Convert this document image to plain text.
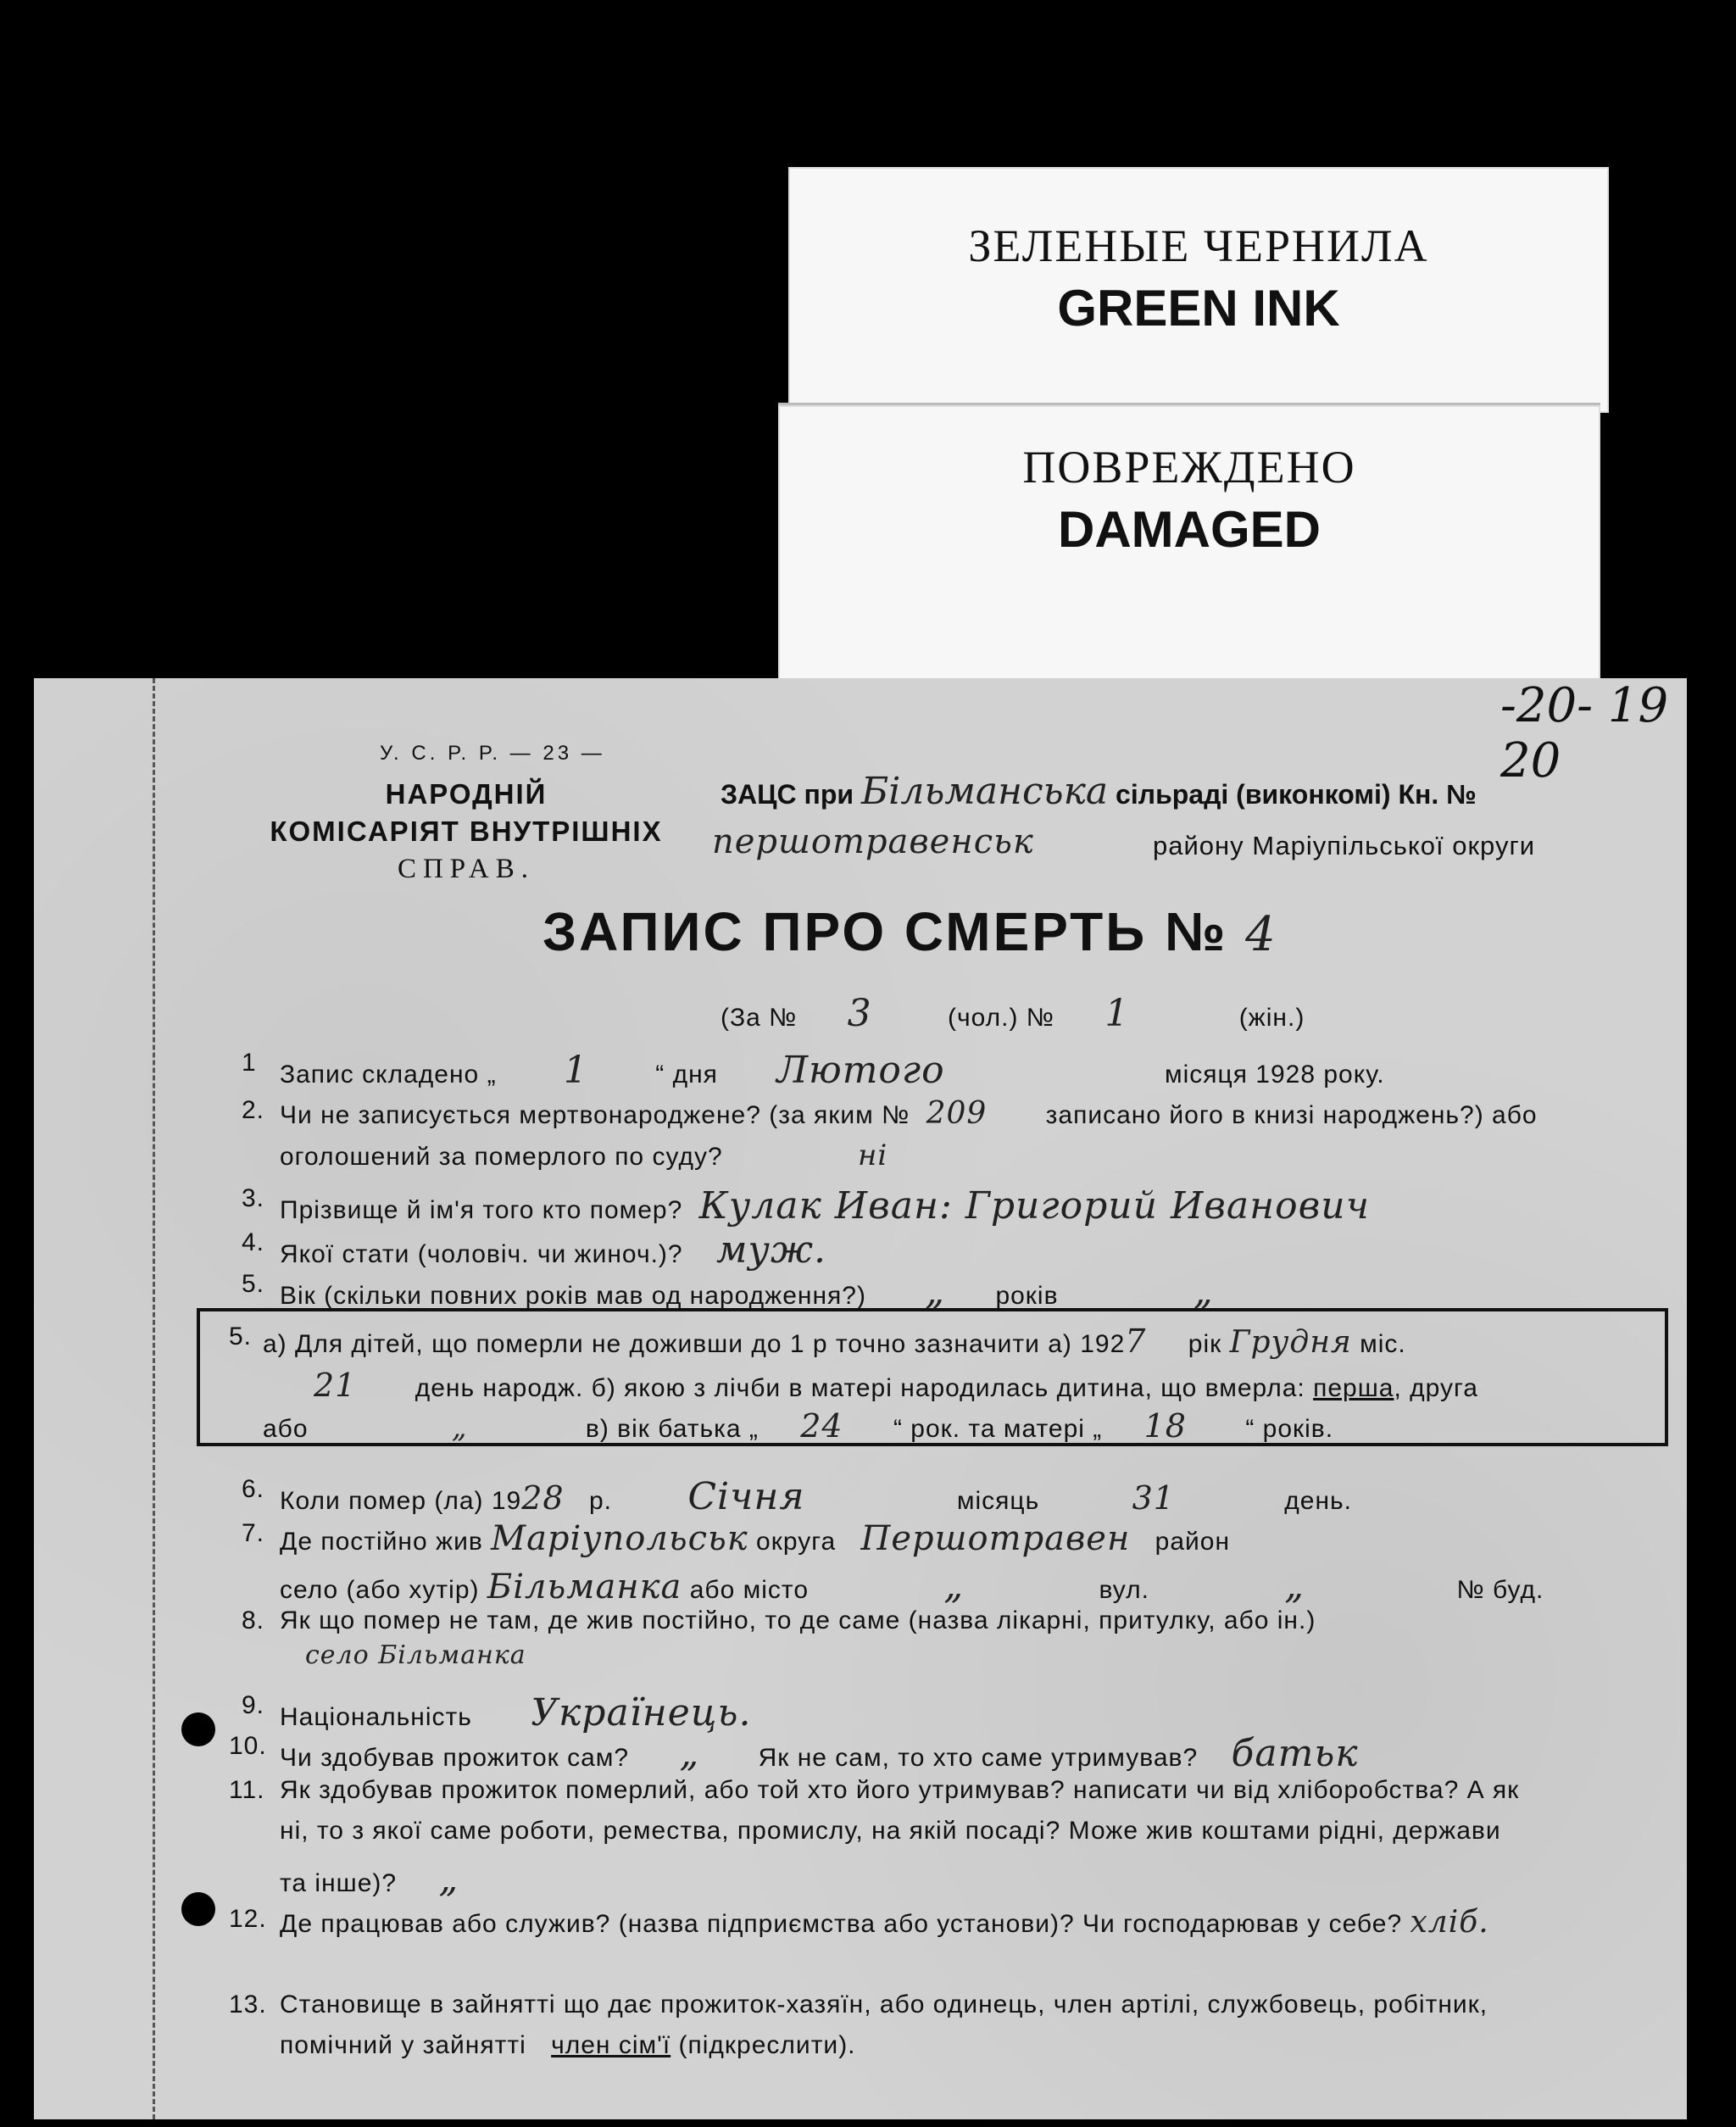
ЗЕЛЕНЫЕ ЧЕРНИЛА
GREEN INK
ПОВРЕЖДЕНО
DAMAGED
-20- 19 20
У. С. Р. Р. — 23 —
НАРОДНІЙ
КОМІСАРІЯТ ВНУТРІШНІХ
СПРАВ.
ЗАЦС при Більманська сільраді (виконкомі) Кн. №
першотравенськ	району Маріупільської округи
ЗАПИС ПРО СМЕРТЬ № 4
(За № 3	(чол.) № 1	(жін.)
1 Запис складено „ 1	“ дня Лютого	місяця 1928 року.
2. Чи не записується мертвонароджене? (за яким № 209 записано його в книзі народжень?) або
оголошений за померлого по суду?	ні
3. Прізвище й ім'я того кто помер? Кулак Иван: Григорий Иванович
4. Якої стати (чоловіч. чи жиноч.)? муж.
5. Вік (скільки повних років мав од народження?) „ років	„
5. а) Для дітей, що померли не доживши до 1 р точно зазначити а) 1927 рік Грудня міс.
21 день народж. б) якою з лічби в матері народилась дитина, що вмерла: перша, друга
або	„	в) вік батька „ 24 “ рок. та матері „ 18 “ років.
6. Коли помер (ла) 1928 р. Січня	місяць	31	день.
7. Де постійно жив Маріупольськ округа Першотравен район
село (або хутір) Більманка або місто	„	вул.	„	№ буд.
8. Як що помер не там, де жив постійно, то де саме (назва лікарні, притулку, або ін.)
село Більманка
9. Національність Українець.
10. Чи здобував прожиток сам? „ Як не сам, то хто саме утримував? батьк
11. Як здобував прожиток померлий, або той хто його утримував? написати чи від хліборобства? А як
ні, то з якої саме роботи, ремества, промислу, на якій посаді? Може жив коштами рідні, держави
та інше)? „
12. Де працював або служив? (назва підприємства або установи)? Чи господарював у себе? хліб.
13. Становище в зайнятті що дає прожиток-хазяїн, або одинець, член артілі, службовець, робітник,
помічний у зайнятті член сім'ї (підкреслити).
